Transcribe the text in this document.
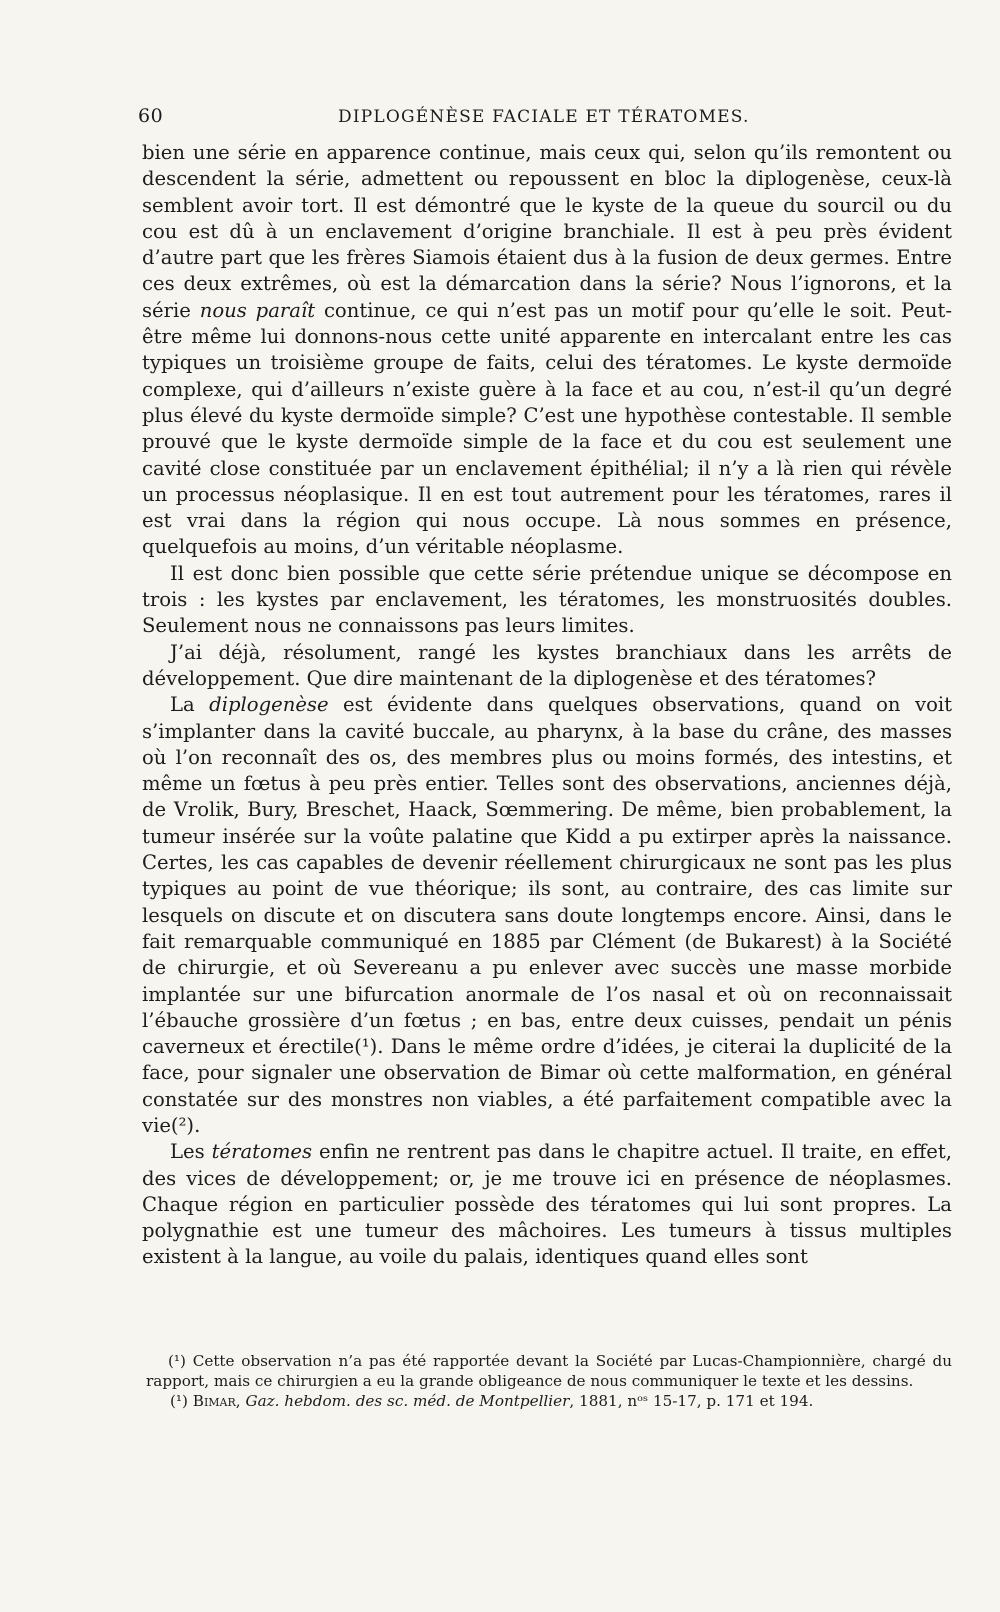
60	DIPLOGÉNÈSE FACIALE ET TÉRATOMES.

bien une série en apparence continue, mais ceux qui, selon qu’ils remontent ou descendent la série, admettent ou repoussent en bloc la diplogenèse, ceux-là semblent avoir tort. Il est démontré que le kyste de la queue du sourcil ou du cou est dû à un enclavement d’origine branchiale. Il est à peu près évident d’autre part que les frères Siamois étaient dus à la fusion de deux germes. Entre ces deux extrêmes, où est la démarcation dans la série? Nous l’ignorons, et la série nous paraît continue, ce qui n’est pas un motif pour qu’elle le soit. Peut-être même lui donnons-nous cette unité apparente en intercalant entre les cas typiques un troisième groupe de faits, celui des tératomes. Le kyste dermoïde complexe, qui d’ailleurs n’existe guère à la face et au cou, n’est-il qu’un degré plus élevé du kyste dermoïde simple? C’est une hypothèse contestable. Il semble prouvé que le kyste dermoïde simple de la face et du cou est seulement une cavité close constituée par un enclavement épithélial; il n’y a là rien qui révèle un processus néoplasique. Il en est tout autrement pour les tératomes, rares il est vrai dans la région qui nous occupe. Là nous sommes en présence, quelquefois au moins, d’un véritable néoplasme.

Il est donc bien possible que cette série prétendue unique se décompose en trois : les kystes par enclavement, les tératomes, les monstruosités doubles. Seulement nous ne connaissons pas leurs limites.

J’ai déjà, résolument, rangé les kystes branchiaux dans les arrêts de développement. Que dire maintenant de la diplogenèse et des tératomes?

La diplogenèse est évidente dans quelques observations, quand on voit s’implanter dans la cavité buccale, au pharynx, à la base du crâne, des masses où l’on reconnaît des os, des membres plus ou moins formés, des intestins, et même un fœtus à peu près entier. Telles sont des observations, anciennes déjà, de Vrolik, Bury, Breschet, Haack, Sœmmering. De même, bien probablement, la tumeur insérée sur la voûte palatine que Kidd a pu extirper après la naissance. Certes, les cas capables de devenir réellement chirurgicaux ne sont pas les plus typiques au point de vue théorique; ils sont, au contraire, des cas limite sur lesquels on discute et on discutera sans doute longtemps encore. Ainsi, dans le fait remarquable communiqué en 1885 par Clément (de Bukarest) à la Société de chirurgie, et où Severeanu a pu enlever avec succès une masse morbide implantée sur une bifurcation anormale de l’os nasal et où on reconnaissait l’ébauche grossière d’un fœtus ; en bas, entre deux cuisses, pendait un pénis caverneux et érectile(¹). Dans le même ordre d’idées, je citerai la duplicité de la face, pour signaler une observation de Bimar où cette malformation, en général constatée sur des monstres non viables, a été parfaitement compatible avec la vie(²).

Les tératomes enfin ne rentrent pas dans le chapitre actuel. Il traite, en effet, des vices de développement; or, je me trouve ici en présence de néoplasmes. Chaque région en particulier possède des tératomes qui lui sont propres. La polygnathie est une tumeur des mâchoires. Les tumeurs à tissus multiples existent à la langue, au voile du palais, identiques quand elles sont

(¹) Cette observation n’a pas été rapportée devant la Société par Lucas-Championnière, chargé du rapport, mais ce chirurgien a eu la grande obligeance de nous communiquer le texte et les dessins.

(¹) Bimar, Gaz. hebdom. des sc. méd. de Montpellier, 1881, nᵒˢ 15-17, p. 171 et 194.
